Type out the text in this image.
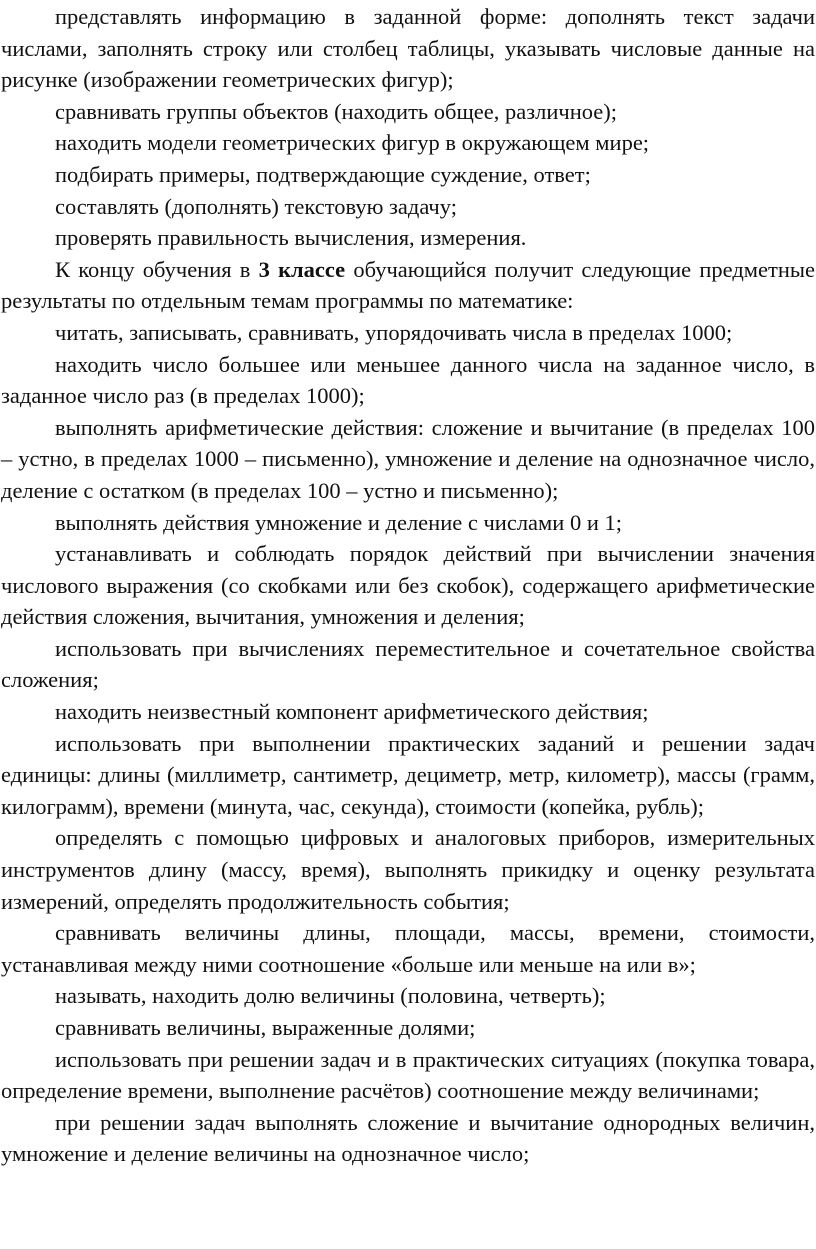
представлять информацию в заданной форме: дополнять текст задачи числами, заполнять строку или столбец таблицы, указывать числовые данные на рисунке (изображении геометрических фигур);

сравнивать группы объектов (находить общее, различное);

находить модели геометрических фигур в окружающем мире;

подбирать примеры, подтверждающие суждение, ответ;

составлять (дополнять) текстовую задачу;

проверять правильность вычисления, измерения.

К концу обучения в 3 классе обучающийся получит следующие предметные результаты по отдельным темам программы по математике:

читать, записывать, сравнивать, упорядочивать числа в пределах 1000;

находить число большее или меньшее данного числа на заданное число, в заданное число раз (в пределах 1000);

выполнять арифметические действия: сложение и вычитание (в пределах 100 – устно, в пределах 1000 – письменно), умножение и деление на однозначное число, деление с остатком (в пределах 100 – устно и письменно);

выполнять действия умножение и деление с числами 0 и 1;

устанавливать и соблюдать порядок действий при вычислении значения числового выражения (со скобками или без скобок), содержащего арифметические действия сложения, вычитания, умножения и деления;

использовать при вычислениях переместительное и сочетательное свойства сложения;

находить неизвестный компонент арифметического действия;

использовать при выполнении практических заданий и решении задач единицы: длины (миллиметр, сантиметр, дециметр, метр, километр), массы (грамм, килограмм), времени (минута, час, секунда), стоимости (копейка, рубль);

определять с помощью цифровых и аналоговых приборов, измерительных инструментов длину (массу, время), выполнять прикидку и оценку результата измерений, определять продолжительность события;

сравнивать величины длины, площади, массы, времени, стоимости, устанавливая между ними соотношение «больше или меньше на или в»;

называть, находить долю величины (половина, четверть);

сравнивать величины, выраженные долями;

использовать при решении задач и в практических ситуациях (покупка товара, определение времени, выполнение расчётов) соотношение между величинами;

при решении задач выполнять сложение и вычитание однородных величин, умножение и деление величины на однозначное число;
